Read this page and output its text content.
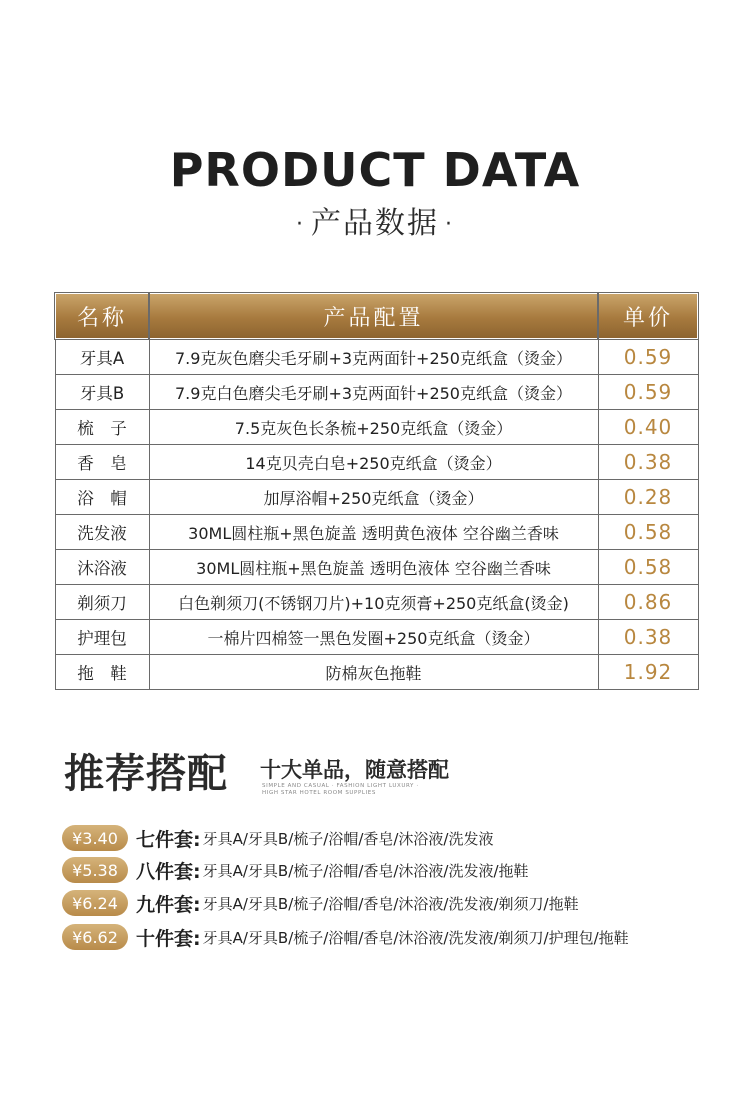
PRODUCT DATA
· 产品数据 ·
名称	产品配置	单价
牙具A	7.9克灰色磨尖毛牙刷+3克两面针+250克纸盒（烫金）	0.59
牙具B	7.9克白色磨尖毛牙刷+3克两面针+250克纸盒（烫金）	0.59
梳　子	7.5克灰色长条梳+250克纸盒（烫金）	0.40
香　皂	14克贝壳白皂+250克纸盒（烫金）	0.38
浴　帽	加厚浴帽+250克纸盒（烫金）	0.28
洗发液	30ML圆柱瓶+黑色旋盖 透明黄色液体 空谷幽兰香味	0.58
沐浴液	30ML圆柱瓶+黑色旋盖 透明色液体 空谷幽兰香味	0.58
剃须刀	白色剃须刀(不锈钢刀片)+10克须膏+250克纸盒(烫金)	0.86
护理包	一棉片四棉签一黑色发圈+250克纸盒（烫金）	0.38
拖　鞋	防棉灰色拖鞋	1.92
推荐搭配 十大单品，随意搭配
SIMPLE AND CASUAL · FASHION LIGHT LUXURY ·
HIGH STAR HOTEL ROOM SUPPLIES
¥3.40 七件套: 牙具A/牙具B/梳子/浴帽/香皂/沐浴液/洗发液
¥5.38 八件套: 牙具A/牙具B/梳子/浴帽/香皂/沐浴液/洗发液/拖鞋
¥6.24 九件套: 牙具A/牙具B/梳子/浴帽/香皂/沐浴液/洗发液/剃须刀/拖鞋
¥6.62 十件套: 牙具A/牙具B/梳子/浴帽/香皂/沐浴液/洗发液/剃须刀/护理包/拖鞋
